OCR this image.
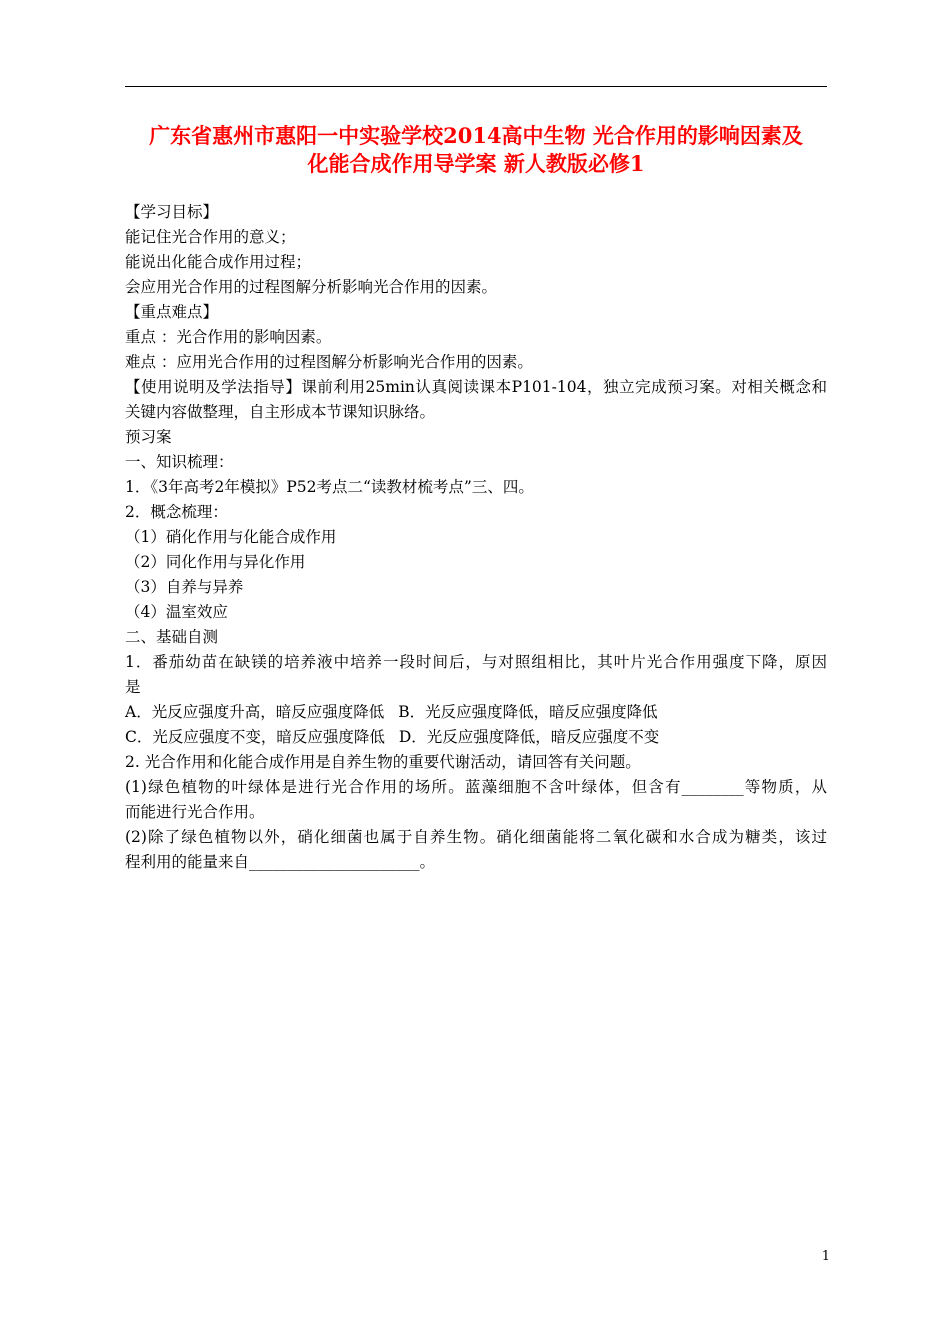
广东省惠州市惠阳一中实验学校2014高中生物 光合作用的影响因素及
化能合成作用导学案 新人教版必修1
【学习目标】
能记住光合作用的意义；
能说出化能合成作用过程；
会应用光合作用的过程图解分析影响光合作用的因素。
【重点难点】
重点 ：光合作用的影响因素。
难点 ：应用光合作用的过程图解分析影响光合作用的因素。
【使用说明及学法指导】课前利用25min认真阅读课本P101-104，独立完成预习案。对相关概念和
关键内容做整理，自主形成本节课知识脉络。
预习案
一、知识梳理：
1．《3年高考2年模拟》P52考点二“读教材梳考点”三、四。
2．概念梳理：
（1）硝化作用与化能合成作用
（2）同化作用与异化作用
（3）自养与异养
（4）温室效应
二、基础自测
1．番茄幼苗在缺镁的培养液中培养一段时间后，与对照组相比，其叶片光合作用强度下降，原因
是
A．光反应强度升高，暗反应强度降低 B．光反应强度降低，暗反应强度降低
C．光反应强度不变，暗反应强度降低 D．光反应强度降低，暗反应强度不变
2. 光合作用和化能合成作用是自养生物的重要代谢活动，请回答有关问题。
(1)绿色植物的叶绿体是进行光合作用的场所。蓝藻细胞不含叶绿体，但含有________等物质，从
而能进行光合作用。
(2)除了绿色植物以外，硝化细菌也属于自养生物。硝化细菌能将二氧化碳和水合成为糖类，该过
程利用的能量来自______________________。
1
